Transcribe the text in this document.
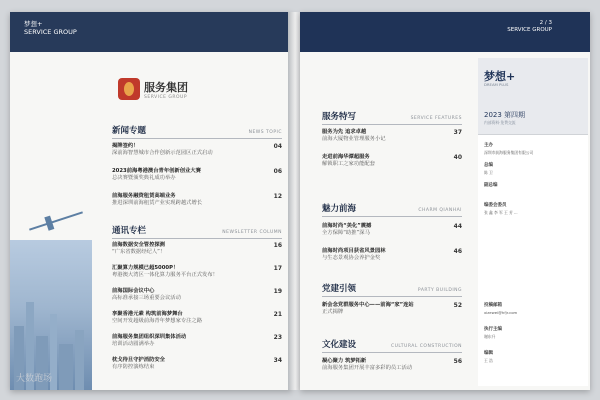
梦想+
SERVICE GROUP
服务集团
SERVICE GROUP
大数跑场
新闻专题	NEWS TOPIC
揭牌签约！
深前海智慧城市合作创新示范园区正式启动
04
2023前海粤港澳台青年创新创业大赛
总决赛暨颁奖典礼成功举办
06
前海服务融资租赁高端业务
推进深圳前海租赁产业实现跨越式增长
12
通讯专栏	NEWSLETTER COLUMN
前海数据安全管控探测
“广东省数据经纪人”！
16
汇聚算力规模已超5000P！
粤港澳大湾区一体化算力服务平台正式发布！
17
前海国际会议中心
高标准承接三场重要会议活动
19
享聚香港元素 构筑前海梦舞台
空间开发超级前海青年梦想家专注之路
21
前海服务集团组织深圳集体活动
培训活动圆满举办
23
枕戈待旦守护消防安全
有序防控演练结束
34
2 / 3
SERVICE GROUP
服务特写	SERVICE FEATURES
服务为先 追求卓越
前海大厦物业管理服务小记
37
走进前海华潭超服务
解锁职工之家功能配套
40
魅力前海	CHARM QIANHAI
前海时尚“美化”震撼
全方保障“助推”深马
44
前海时尚项目获省风景园林
与生态景观协会养护金奖
46
党建引领	PARTY BUILDING
新会念党群服务中心——前海“家”连站
正式揭牌
52
文化建设	CULTURAL CONSTRUCTION
凝心聚力 筑梦拓新
前海服务集团开展丰富多彩的员工活动
56
梦想+
DREAM PLUS
2023 第四期
内部资料·免费交流
主办
深圳市前海服务集团有限公司
总编
陈 卫
副总编
编委会委员
张 鑫 李 军 王 芳 ...
投稿邮箱
xizewei@hfjr.com
执行主编
谢东升
编辑
王 浩
